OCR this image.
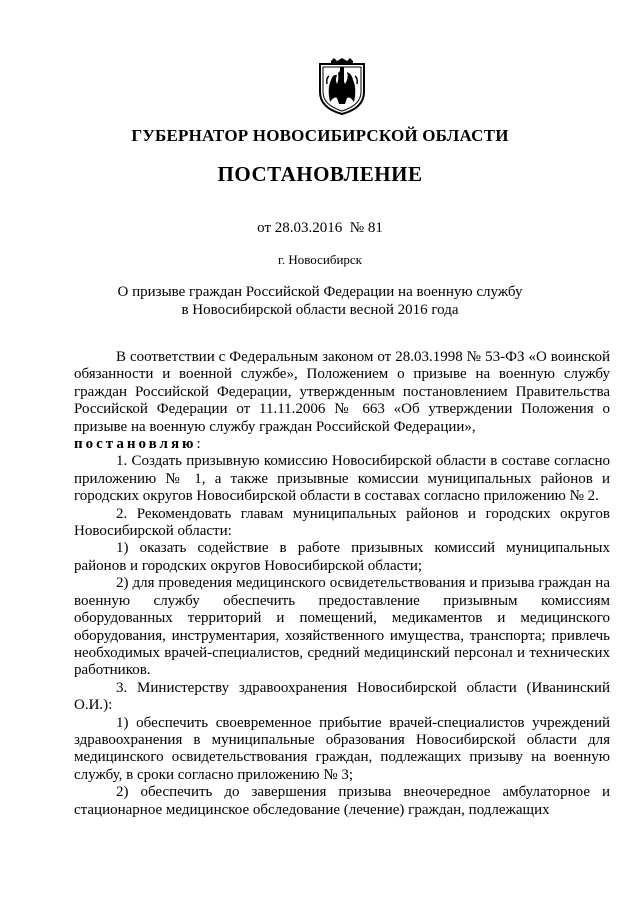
ГУБЕРНАТОР НОВОСИБИРСКОЙ ОБЛАСТИ
ПОСТАНОВЛЕНИЕ
от 28.03.2016  № 81
г. Новосибирск
О призыве граждан Российской Федерации на военную службу
в Новосибирской области весной 2016 года

В соответствии с Федеральным законом от 28.03.1998 № 53-ФЗ «О воинской обязанности и военной службе», Положением о призыве на военную службу граждан Российской Федерации, утвержденным постановлением Правительства Российской Федерации от 11.11.2006 № 663 «Об утверждении Положения о призыве на военную службу граждан Российской Федерации»,

постановляю:

1. Создать призывную комиссию Новосибирской области в составе согласно приложению № 1, а также призывные комиссии муниципальных районов и городских округов Новосибирской области в составах согласно приложению № 2.

2. Рекомендовать главам муниципальных районов и городских округов Новосибирской области:

1) оказать содействие в работе призывных комиссий муниципальных районов и городских округов Новосибирской области;

2) для проведения медицинского освидетельствования и призыва граждан на военную службу обеспечить предоставление призывным комиссиям оборудованных территорий и помещений, медикаментов и медицинского оборудования, инструментария, хозяйственного имущества, транспорта; привлечь необходимых врачей-специалистов, средний медицинский персонал и технических работников.

3. Министерству здравоохранения Новосибирской области (Иванинский О.И.):

1) обеспечить своевременное прибытие врачей-специалистов учреждений здравоохранения в муниципальные образования Новосибирской области для медицинского освидетельствования граждан, подлежащих призыву на военную службу, в сроки согласно приложению № 3;

2) обеспечить до завершения призыва внеочередное амбулаторное и стационарное медицинское обследование (лечение) граждан, подлежащих
